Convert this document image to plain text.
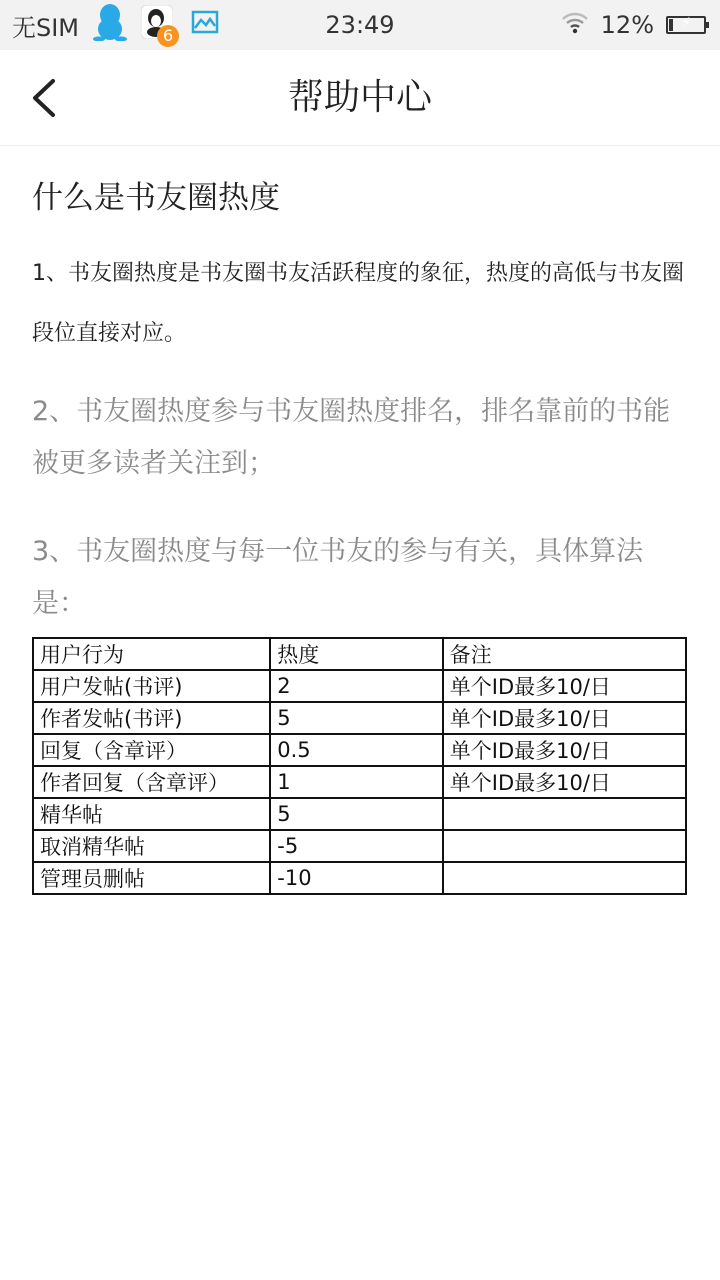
无SIM	6	23:49	12%	⚡
帮助中心
什么是书友圈热度
1、书友圈热度是书友圈书友活跃程度的象征，热度的高低与书友圈段位直接对应。
2、书友圈热度参与书友圈热度排名，排名靠前的书能被更多读者关注到；
3、书友圈热度与每一位书友的参与有关，具体算法是：
用户行为	热度	备注
用户发帖(书评)	2	单个ID最多10/日
作者发帖(书评)	5	单个ID最多10/日
回复（含章评）	0.5	单个ID最多10/日
作者回复（含章评）	1	单个ID最多10/日
精华帖	5	
取消精华帖	-5	
管理员删帖	-10	
